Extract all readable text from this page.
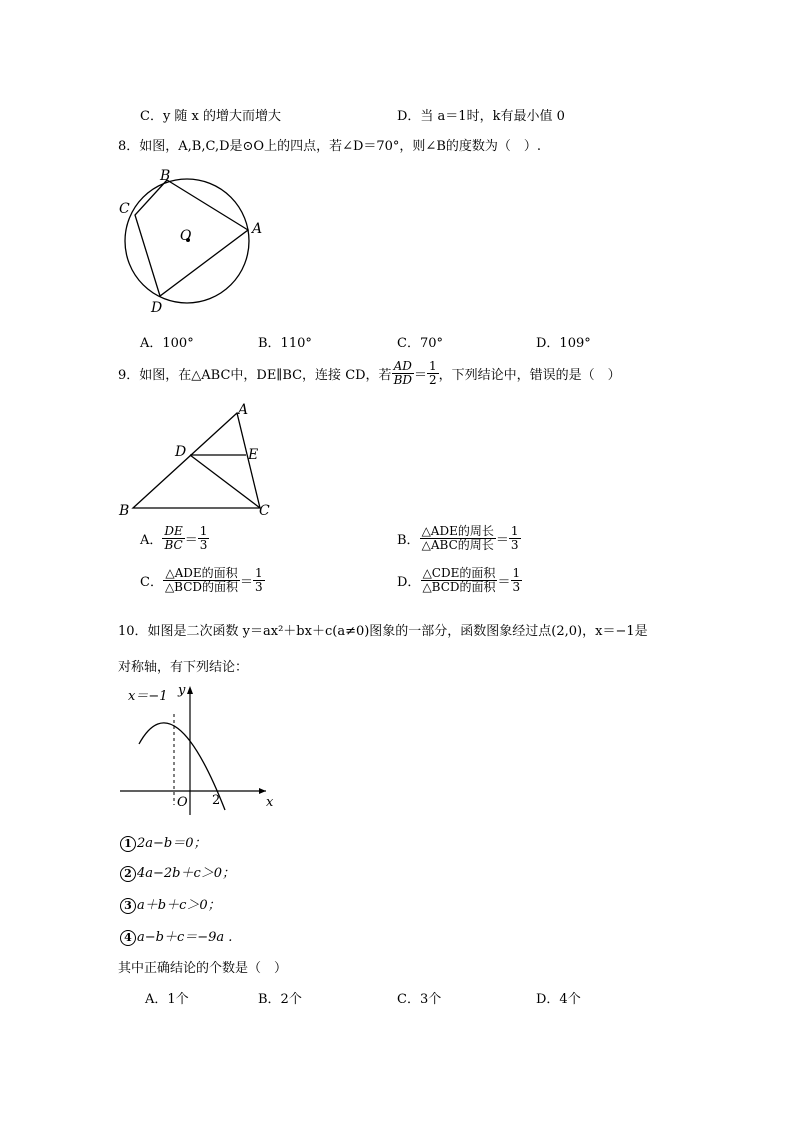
C．y 随 x 的增大而增大	D．当 a＝1时，k有最小值 0
8．如图，A,B,C,D是⊙O上的四点，若∠D＝70°，则∠B的度数为（　）.
B
C
A
D
O
A．100°	B．110°	C．70°	D．109°
9．如图，在△ABC中，DE∥BC，连接 CD，若 $\frac{AD}{BD} = \frac{1}{2}$ ，下列结论中，错误的是（　）
A
D	E
B	C
A． $\frac{DE}{BC} = \frac{1}{3}$	B． $\frac{\text{△ADE的周长}}{\text{△ABC的周长}} = \frac{1}{3}$
C． $\frac{\text{△ADE的面积}}{\text{△BCD的面积}} = \frac{1}{3}$	D． $\frac{\text{△CDE的面积}}{\text{△BCD的面积}} = \frac{1}{3}$
10．如图是二次函数 y＝ax²＋bx＋c(a≠0)图象的一部分，函数图象经过点(2,0)，x＝−1是
对称轴，有下列结论：
x＝−1 y
x
O 2
1 2a−b＝0；
2 4a−2b＋c＞0；
3 a＋b＋c＞0；
4 a−b＋c＝−9a .
其中正确结论的个数是（　）
A．1个	B．2个	C．3个	D．4个
